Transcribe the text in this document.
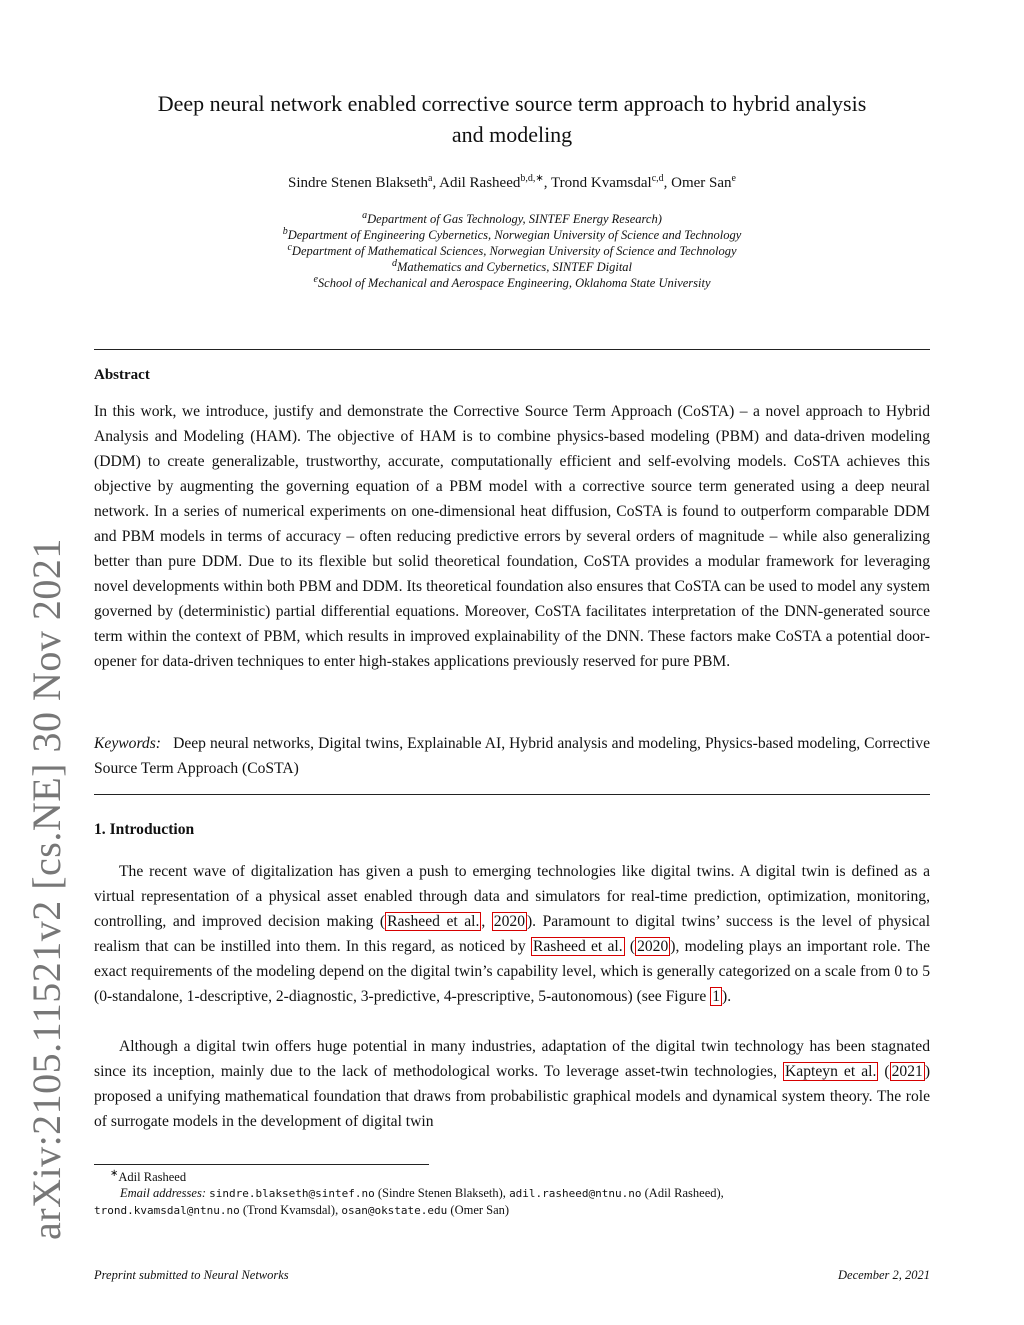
arXiv:2105.11521v2 [cs.NE] 30 Nov 2021
Deep neural network enabled corrective source term approach to hybrid analysis
and modeling
Sindre Stenen Blakseth$^a$, Adil Rasheed$^{b,d,∗}$, Trond Kvamsdal$^{c,d}$, Omer San$^e$
$^a$Department of Gas Technology, SINTEF Energy Research)
$^b$Department of Engineering Cybernetics, Norwegian University of Science and Technology
$^c$Department of Mathematical Sciences, Norwegian University of Science and Technology
$^d$Mathematics and Cybernetics, SINTEF Digital
$^e$School of Mechanical and Aerospace Engineering, Oklahoma State University
Abstract
In this work, we introduce, justify and demonstrate the Corrective Source Term Approach (CoSTA) – a novel approach to Hybrid Analysis and Modeling (HAM). The objective of HAM is to combine physics-based modeling (PBM) and data-driven modeling (DDM) to create generalizable, trustworthy, accurate, computationally efficient and self-evolving models. CoSTA achieves this objective by augmenting the governing equation of a PBM model with a corrective source term generated using a deep neural network. In a series of numerical experiments on one-dimensional heat diffusion, CoSTA is found to outperform comparable DDM and PBM models in terms of accuracy – often reducing predictive errors by several orders of magnitude – while also generalizing better than pure DDM. Due to its flexible but solid theoretical foundation, CoSTA provides a modular framework for leveraging novel developments within both PBM and DDM. Its theoretical foundation also ensures that CoSTA can be used to model any system governed by (deterministic) partial differential equations. Moreover, CoSTA facilitates interpretation of the DNN-generated source term within the context of PBM, which results in improved explainability of the DNN. These factors make CoSTA a potential door-opener for data-driven techniques to enter high-stakes applications previously reserved for pure PBM.
Keywords: Deep neural networks, Digital twins, Explainable AI, Hybrid analysis and modeling, Physics-based modeling, Corrective Source Term Approach (CoSTA)
1. Introduction
The recent wave of digitalization has given a push to emerging technologies like digital twins. A digital twin is defined as a virtual representation of a physical asset enabled through data and simulators for real-time prediction, optimization, monitoring, controlling, and improved decision making ( Rasheed et al. , 2020 ). Paramount to digital twins’ success is the level of physical realism that can be instilled into them. In this regard, as noticed by Rasheed et al. ( 2020 ), modeling plays an important role. The exact requirements of the modeling depend on the digital twin’s capability level, which is generally categorized on a scale from 0 to 5 (0-standalone, 1-descriptive, 2-diagnostic, 3-predictive, 4-prescriptive, 5-autonomous) (see Figure 1 ).
Although a digital twin offers huge potential in many industries, adaptation of the digital twin technology has been stagnated since its inception, mainly due to the lack of methodological works. To leverage asset-twin technologies, Kapteyn et al. ( 2021 ) proposed a unifying mathematical foundation that draws from probabilistic graphical models and dynamical system theory. The role of surrogate models in the development of digital twin
∗Adil Rasheed
Email addresses: sindre.blakseth@sintef.no (Sindre Stenen Blakseth), adil.rasheed@ntnu.no (Adil Rasheed),
trond.kvamsdal@ntnu.no (Trond Kvamsdal), osan@okstate.edu (Omer San)
Preprint submitted to Neural Networks	December 2, 2021
